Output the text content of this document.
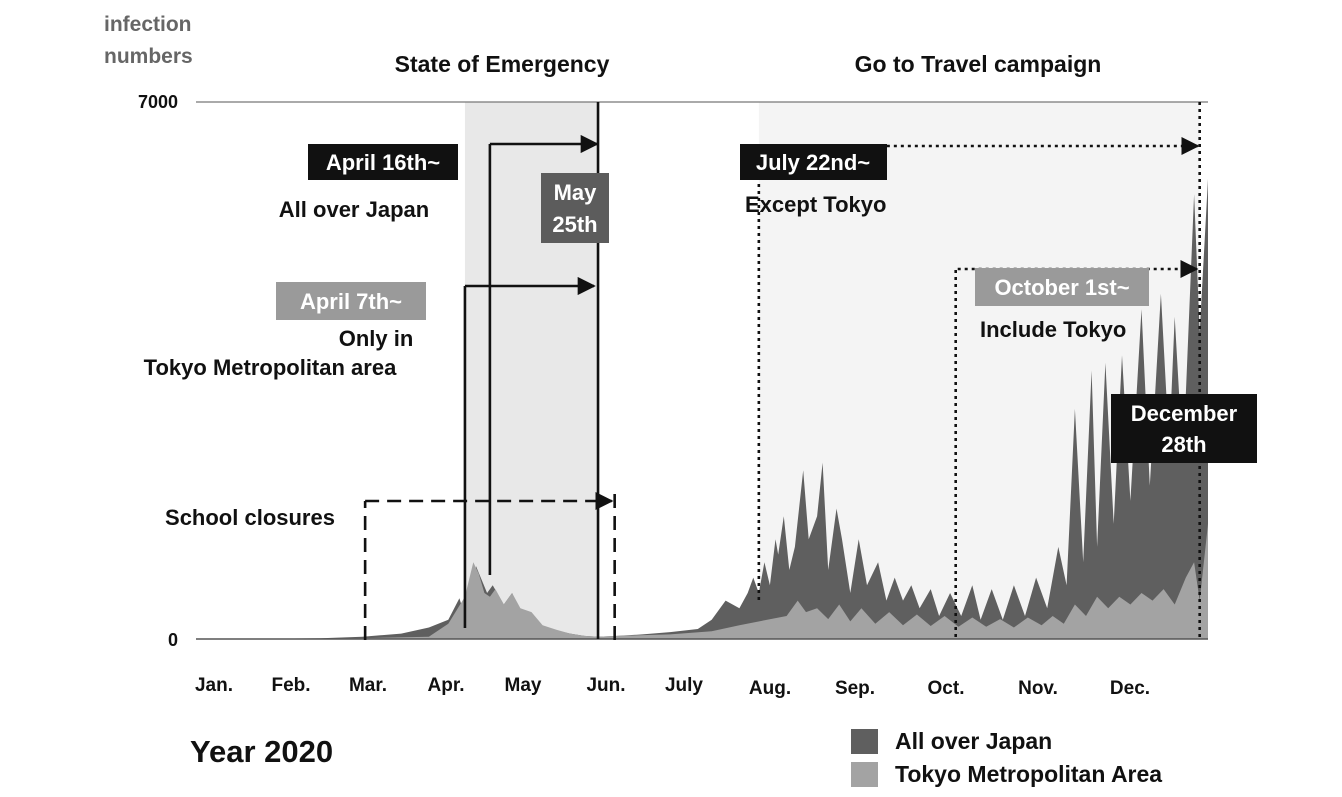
infection
numbers
7000
0
State of Emergency	Go to Travel campaign
April 16th~
All over Japan
May
25th
April 7th~
Only in
Tokyo Metropolitan area
School closures
July 22nd~
Except Tokyo
October 1st~
Include Tokyo
December
28th
Jan. Feb. Mar. Apr. May Jun. July Aug. Sep.	Oct.	Nov.	Dec.
Year 2020	All over Japan
Tokyo Metropolitan Area
